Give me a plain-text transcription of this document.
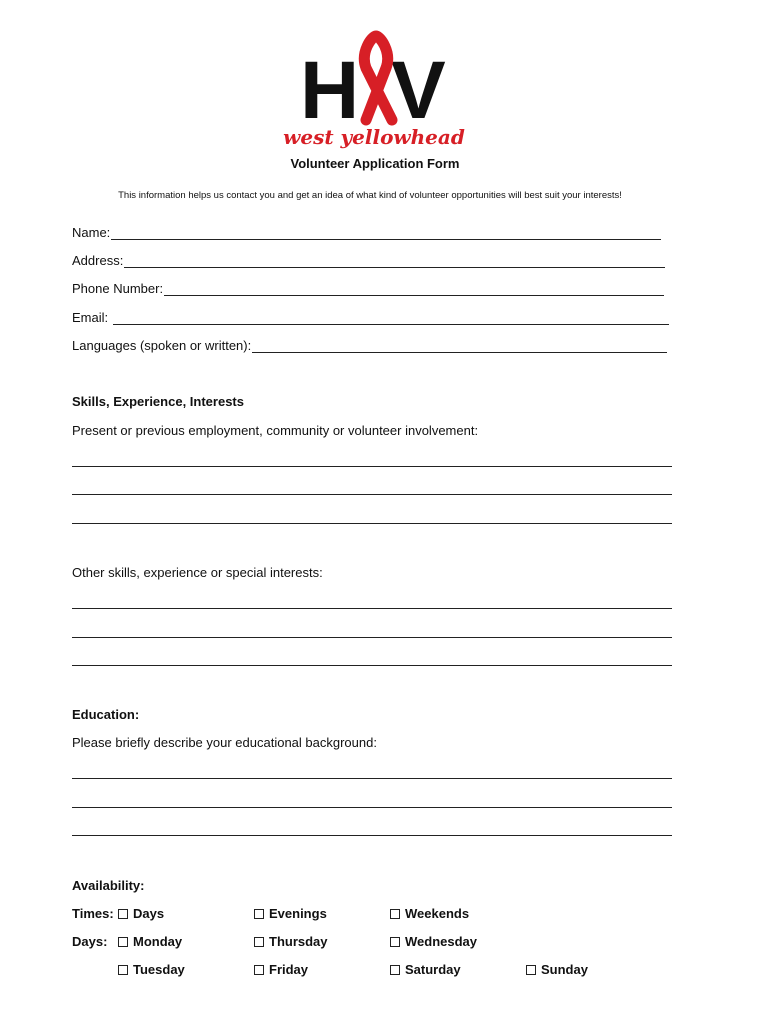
H V
west yellowhead
Volunteer Application Form
This information helps us contact you and get an idea of what kind of volunteer opportunities will best suit your interests!
Name:
Address:
Phone Number:
Email:
Languages (spoken or written):
Skills, Experience, Interests
Present or previous employment, community or volunteer involvement:
Other skills, experience or special interests:
Education:
Please briefly describe your educational background:
Availability:
Times: Days	Evenings	Weekends
Days: Monday	Thursday	Wednesday
Tuesday	Friday	Saturday	Sunday
